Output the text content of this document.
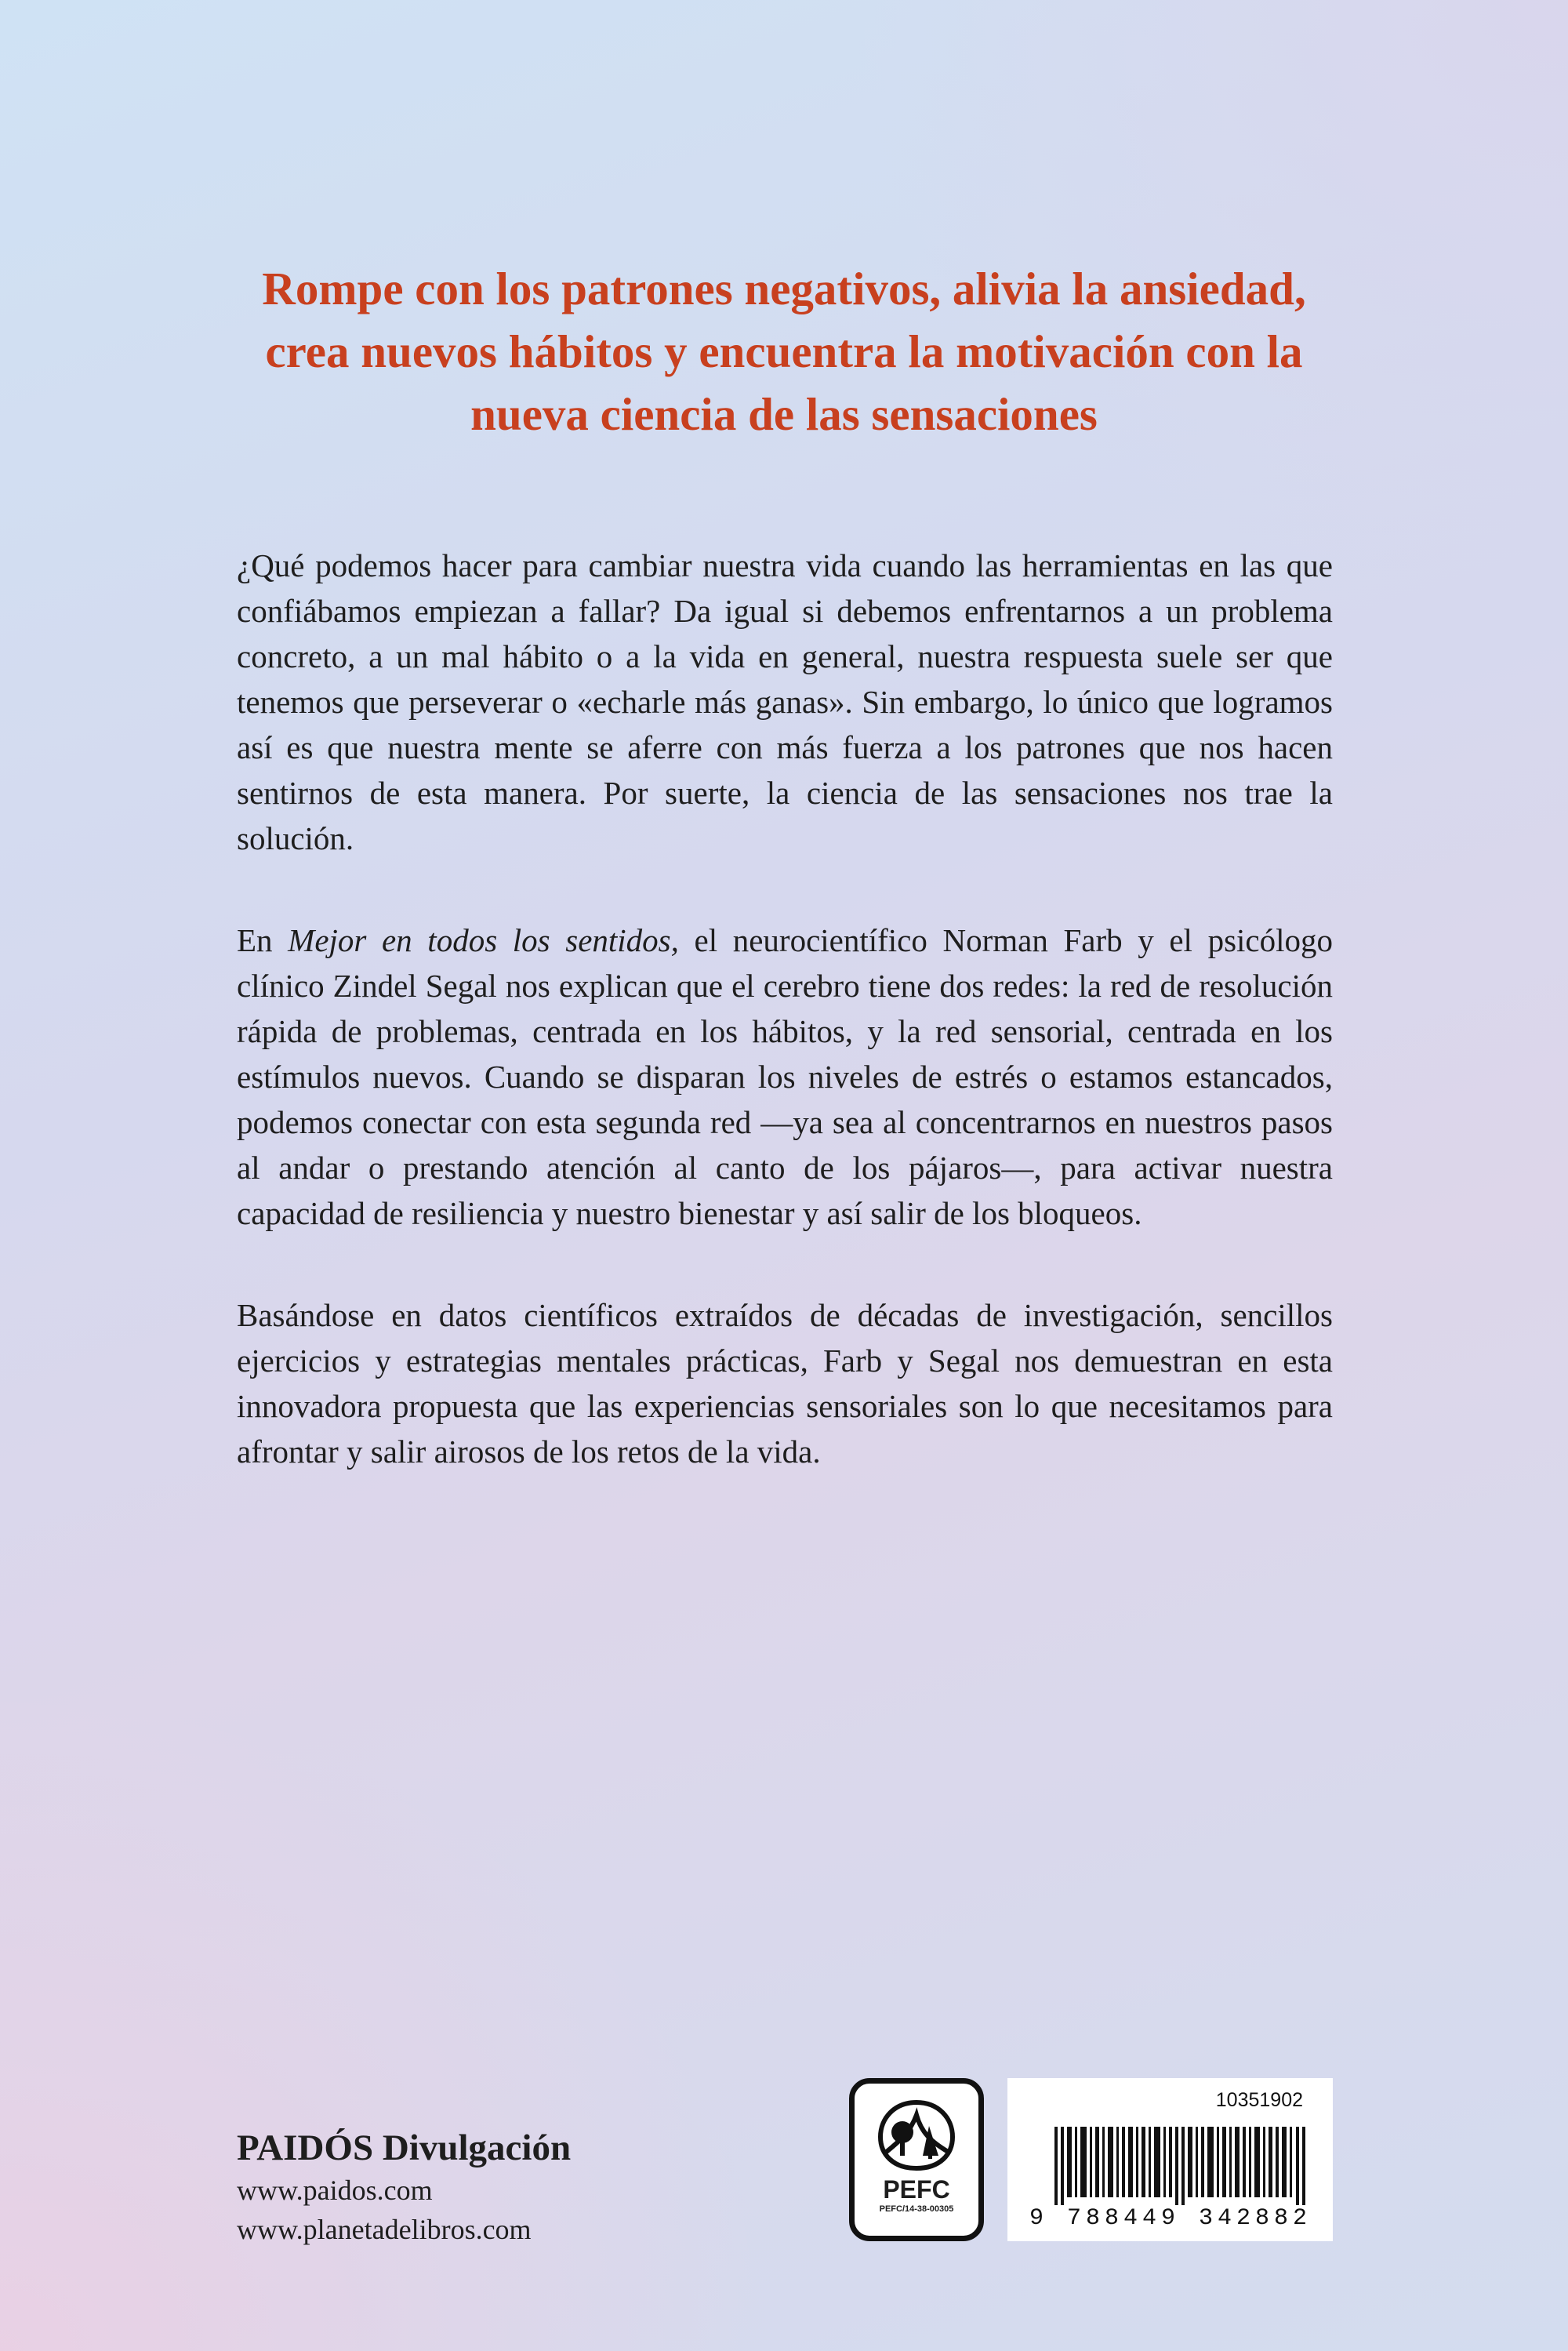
Rompe con los patrones negativos, alivia la ansiedad, crea nuevos hábitos y encuentra la motivación con la nueva ciencia de las sensaciones

¿Qué podemos hacer para cambiar nuestra vida cuando las herramientas en las que confiábamos empiezan a fallar? Da igual si debemos enfrentarnos a un problema concreto, a un mal hábito o a la vida en general, nuestra respuesta suele ser que tenemos que perseverar o «echarle más ganas». Sin embargo, lo único que logramos así es que nuestra mente se aferre con más fuerza a los patrones que nos hacen sentirnos de esta manera. Por suerte, la ciencia de las sensaciones nos trae la solución.

En Mejor en todos los sentidos, el neurocientífico Norman Farb y el psicólogo clínico Zindel Segal nos explican que el cerebro tiene dos redes: la red de resolución rápida de problemas, centrada en los hábitos, y la red sensorial, centrada en los estímulos nuevos. Cuando se disparan los niveles de estrés o estamos estancados, podemos conectar con esta segunda red —ya sea al concentrarnos en nuestros pasos al andar o prestando atención al canto de los pájaros—, para activar nuestra capacidad de resiliencia y nuestro bienestar y así salir de los bloqueos.

Basándose en datos científicos extraídos de décadas de investigación, sencillos ejercicios y estrategias mentales prácticas, Farb y Segal nos demuestran en esta innovadora propuesta que las experiencias sensoriales son lo que necesitamos para afrontar y salir airosos de los retos de la vida.

PAIDÓS Divulgación
www.paidos.com
www.planetadelibros.com
PEFC
PEFC/14-38-00305
10351902
9 788449 342882
